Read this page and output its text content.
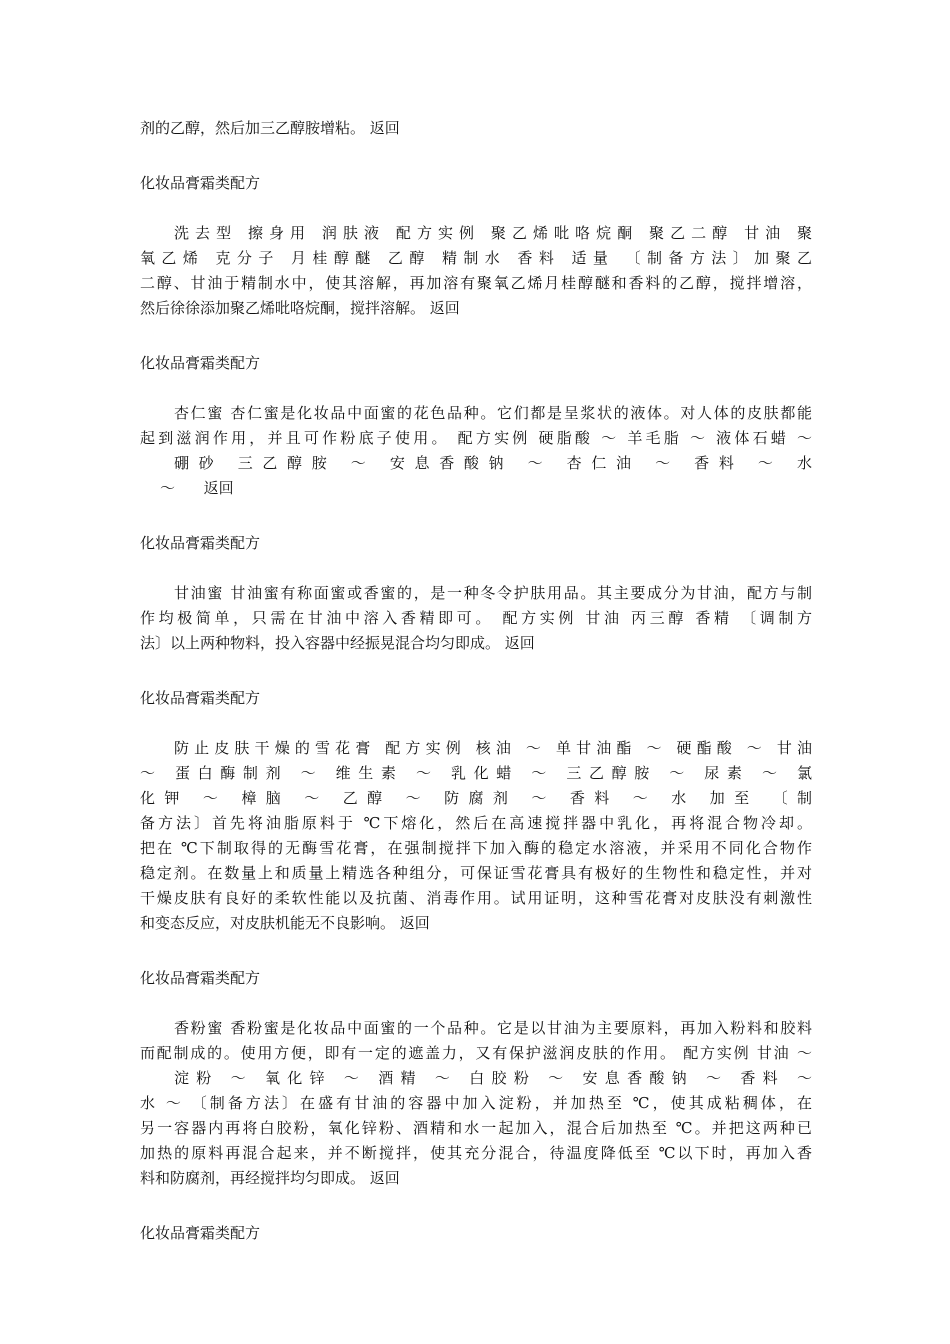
剂的乙醇，然后加三乙醇胺增粘。 返回
化妆品膏霜类配方
洗去型 擦身用 润肤液 配方实例 聚乙烯吡咯烷酮 聚乙二醇 甘油 聚
氧乙烯 克分子 月桂醇醚 乙醇 精制水 香料 适量 〔制备方法〕加聚乙
二醇、甘油于精制水中，使其溶解，再加溶有聚氧乙烯月桂醇醚和香料的乙醇，搅拌增溶，
然后徐徐添加聚乙烯吡咯烷酮，搅拌溶解。 返回
化妆品膏霜类配方
杏仁蜜 杏仁蜜是化妆品中面蜜的花色品种。它们都是呈浆状的液体。对人体的皮肤都能
起到滋润作用，并且可作粉底子使用。 配方实例 硬脂酸 ～ 羊毛脂 ～ 液体石蜡 ～
硼砂 三乙醇胺 ～ 安息香酸钠 ～ 杏仁油 ～ 香料 ～ 水
～ 返回
化妆品膏霜类配方
甘油蜜 甘油蜜有称面蜜或香蜜的，是一种冬令护肤用品。其主要成分为甘油，配方与制
作均极简单，只需在甘油中溶入香精即可。 配方实例 甘油 丙三醇 香精 〔调制方
法〕以上两种物料，投入容器中经振晃混合均匀即成。 返回
化妆品膏霜类配方
防止皮肤干燥的雪花膏 配方实例 核油 ～ 单甘油酯 ～ 硬酯酸 ～ 甘油
～ 蛋白酶制剂 ～ 维生素 ～ 乳化蜡 ～ 三乙醇胺 ～ 尿素 ～ 氯
化钾 ～ 樟脑 ～ 乙醇 ～ 防腐剂 ～ 香料 ～ 水 加至 〔制
备方法〕首先将油脂原料于 ℃下熔化，然后在高速搅拌器中乳化，再将混合物冷却。
把在 ℃下制取得的无酶雪花膏，在强制搅拌下加入酶的稳定水溶液，并采用不同化合物作
稳定剂。在数量上和质量上精选各种组分，可保证雪花膏具有极好的生物性和稳定性，并对
干燥皮肤有良好的柔软性能以及抗菌、消毒作用。试用证明，这种雪花膏对皮肤没有刺激性
和变态反应，对皮肤机能无不良影响。 返回
化妆品膏霜类配方
香粉蜜 香粉蜜是化妆品中面蜜的一个品种。它是以甘油为主要原料，再加入粉料和胶料
而配制成的。使用方便，即有一定的遮盖力，又有保护滋润皮肤的作用。 配方实例 甘油 ～
淀粉 ～ 氧化锌 ～ 酒精 ～ 白胶粉 ～ 安息香酸钠 ～ 香料 ～
水 ～ 〔制备方法〕在盛有甘油的容器中加入淀粉，并加热至 ℃，使其成粘稠体，在
另一容器内再将白胶粉，氧化锌粉、酒精和水一起加入，混合后加热至 ℃。并把这两种已
加热的原料再混合起来，并不断搅拌，使其充分混合，待温度降低至 ℃以下时，再加入香
料和防腐剂，再经搅拌均匀即成。 返回
化妆品膏霜类配方
